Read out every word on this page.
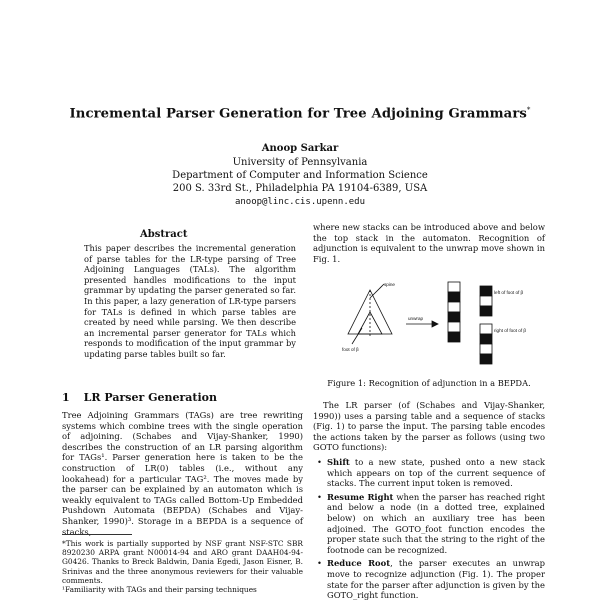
Incremental Parser Generation for Tree Adjoining Grammars*
Anoop Sarkar
University of Pennsylvania
Department of Computer and Information Science
200 S. 33rd St., Philadelphia PA 19104-6389, USA
anoop@linc.cis.upenn.edu
Abstract
This paper describes the incremental generation of parse tables for the LR-type parsing of Tree Adjoining Languages (TALs). The algorithm presented handles modifications to the input grammar by updating the parser generated so far. In this paper, a lazy generation of LR-type parsers for TALs is defined in which parse tables are created by need while parsing. We then describe an incremental parser generator for TALs which responds to modification of the input grammar by updating parse tables built so far.
1 LR Parser Generation
Tree Adjoining Grammars (TAGs) are tree rewriting systems which combine trees with the single operation of adjoining. (Schabes and Vijay-Shanker, 1990) describes the construction of an LR parsing algorithm for TAGs¹. Parser generation here is taken to be the construction of LR(0) tables (i.e., without any lookahead) for a particular TAG². The moves made by the parser can be explained by an automaton which is weakly equivalent to TAGs called Bottom-Up Embedded Pushdown Automata (BEPDA) (Schabes and Vijay-Shanker, 1990)³. Storage in a BEPDA is a sequence of stacks,

*This work is partially supported by NSF grant NSF-STC SBR 8920230 ARPA grant N00014-94 and ARO grant DAAH04-94-G0426. Thanks to Breck Baldwin, Dania Egedi, Jason Eisner, B. Srinivas and the three anonymous reviewers for their valuable comments.

¹Familiarity with TAGs and their parsing techniques

where new stacks can be introduced above and below the top stack in the automaton. Recognition of adjunction is equivalent to the unwrap move shown in Fig. 1.
spine
foot of β
unwrap
left of foot of β
right of foot of β
Figure 1: Recognition of adjunction in a BEPDA.

The LR parser (of (Schabes and Vijay-Shanker, 1990)) uses a parsing table and a sequence of stacks (Fig. 1) to parse the input. The parsing table encodes the actions taken by the parser as follows (using two GOTO functions):

• Shift to a new state, pushed onto a new stack which appears on top of the current sequence of stacks. The current input token is removed.
• Resume Right when the parser has reached right and below a node (in a dotted tree, explained below) on which an auxiliary tree has been adjoined. The GOTO_foot function encodes the proper state such that the string to the right of the footnode can be recognized.
• Reduce Root, the parser executes an unwrap move to recognize adjunction (Fig. 1). The proper state for the parser after adjunction is given by the GOTO_right function.
